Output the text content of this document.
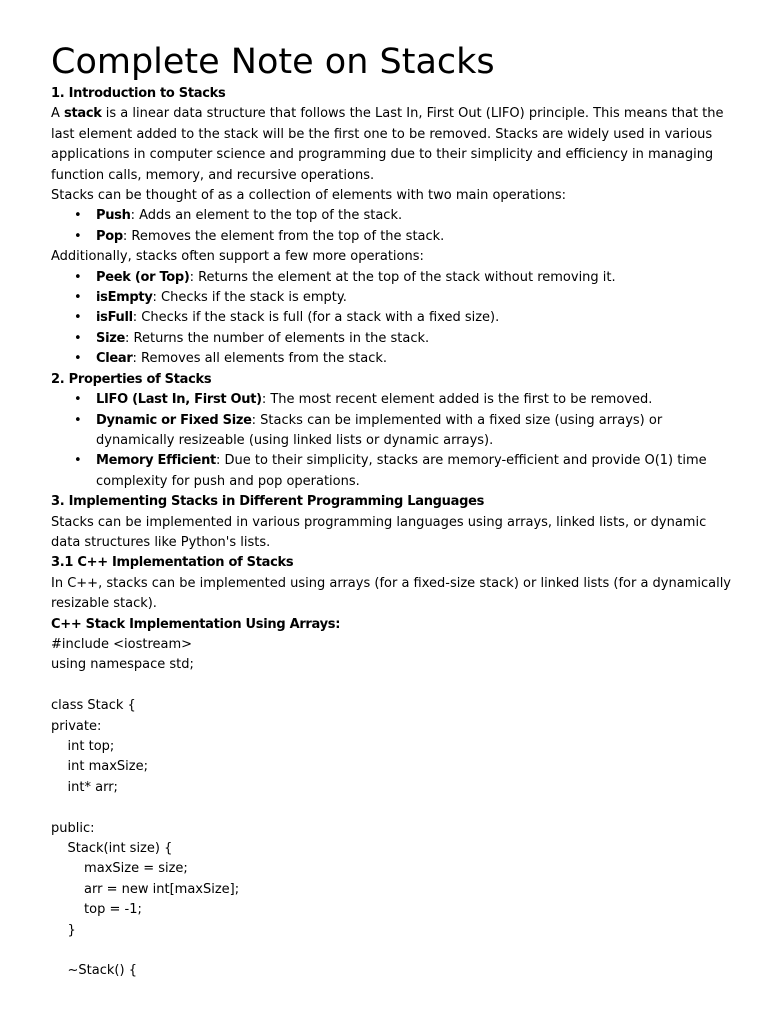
Complete Note on Stacks
1. Introduction to Stacks

A stack is a linear data structure that follows the Last In, First Out (LIFO) principle. This means that the last element added to the stack will be the first one to be removed. Stacks are widely used in various applications in computer science and programming due to their simplicity and efficiency in managing function calls, memory, and recursive operations.

Stacks can be thought of as a collection of elements with two main operations:

• Push: Adds an element to the top of the stack.
• Pop: Removes the element from the top of the stack.

Additionally, stacks often support a few more operations:

• Peek (or Top): Returns the element at the top of the stack without removing it.
• isEmpty: Checks if the stack is empty.
• isFull: Checks if the stack is full (for a stack with a fixed size).
• Size: Returns the number of elements in the stack.
• Clear: Removes all elements from the stack.
2. Properties of Stacks
• LIFO (Last In, First Out): The most recent element added is the first to be removed.
• Dynamic or Fixed Size: Stacks can be implemented with a fixed size (using arrays) or dynamically resizeable (using linked lists or dynamic arrays).
• Memory Efficient: Due to their simplicity, stacks are memory-efficient and provide O(1) time complexity for push and pop operations.
3. Implementing Stacks in Different Programming Languages

Stacks can be implemented in various programming languages using arrays, linked lists, or dynamic data structures like Python's lists.

3.1 C++ Implementation of Stacks

In C++, stacks can be implemented using arrays (for a fixed-size stack) or linked lists (for a dynamically resizable stack).

C++ Stack Implementation Using Arrays:
#include <iostream>
using namespace std;

class Stack {
private:
int top;
int maxSize;
int* arr;

public:
Stack(int size) {
maxSize = size;
arr = new int[maxSize];
top = -1;
}

~Stack() {
